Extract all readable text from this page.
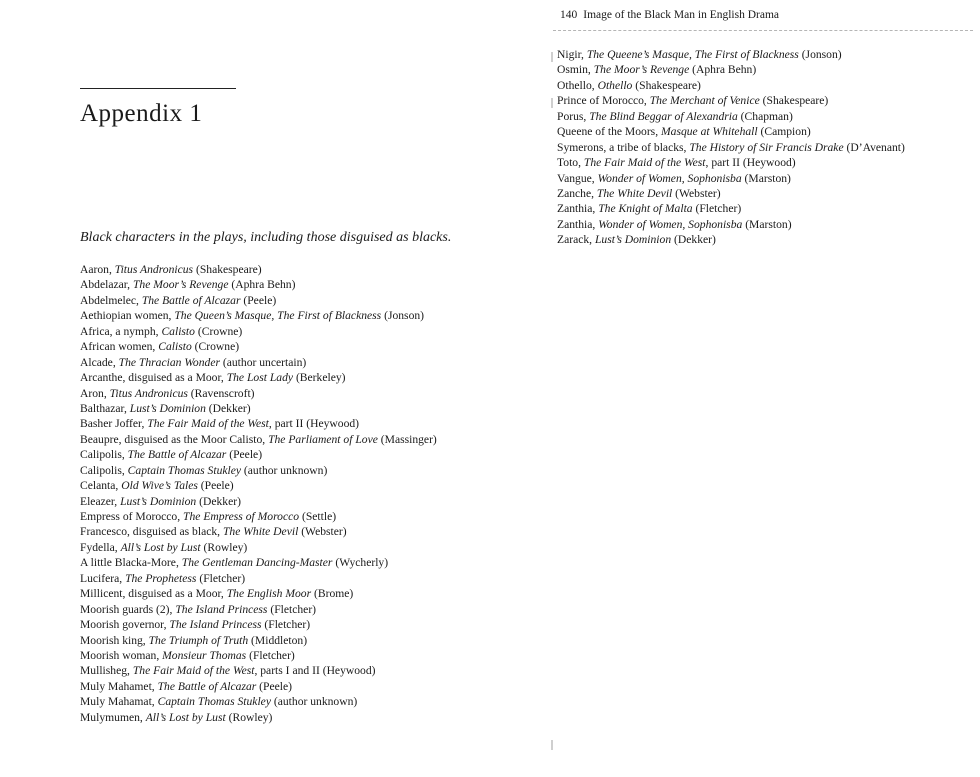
Appendix 1
Black characters in the plays, including those disguised as blacks.
Aaron, Titus Andronicus (Shakespeare)
Abdelazar, The Moor’s Revenge (Aphra Behn)
Abdelmelec, The Battle of Alcazar (Peele)
Aethiopian women, The Queen’s Masque, The First of Blackness (Jonson)
Africa, a nymph, Calisto (Crowne)
African women, Calisto (Crowne)
Alcade, The Thracian Wonder (author uncertain)
Arcanthe, disguised as a Moor, The Lost Lady (Berkeley)
Aron, Titus Andronicus (Ravenscroft)
Balthazar, Lust’s Dominion (Dekker)
Basher Joffer, The Fair Maid of the West, part II (Heywood)
Beaupre, disguised as the Moor Calisto, The Parliament of Love (Massinger)
Calipolis, The Battle of Alcazar (Peele)
Calipolis, Captain Thomas Stukley (author unknown)
Celanta, Old Wive’s Tales (Peele)
Eleazer, Lust’s Dominion (Dekker)
Empress of Morocco, The Empress of Morocco (Settle)
Francesco, disguised as black, The White Devil (Webster)
Fydella, All’s Lost by Lust (Rowley)
A little Blacka-More, The Gentleman Dancing-Master (Wycherly)
Lucifera, The Prophetess (Fletcher)
Millicent, disguised as a Moor, The English Moor (Brome)
Moorish guards (2), The Island Princess (Fletcher)
Moorish governor, The Island Princess (Fletcher)
Moorish king, The Triumph of Truth (Middleton)
Moorish woman, Monsieur Thomas (Fletcher)
Mullisheg, The Fair Maid of the West, parts I and II (Heywood)
Muly Mahamet, The Battle of Alcazar (Peele)
Muly Mahamat, Captain Thomas Stukley (author unknown)
Mulymumen, All’s Lost by Lust (Rowley)
140 Image of the Black Man in English Drama
Nigir, The Queene’s Masque, The First of Blackness (Jonson)
Osmin, The Moor’s Revenge (Aphra Behn)
Othello, Othello (Shakespeare)
Prince of Morocco, The Merchant of Venice (Shakespeare)
Porus, The Blind Beggar of Alexandria (Chapman)
Queene of the Moors, Masque at Whitehall (Campion)
Symerons, a tribe of blacks, The History of Sir Francis Drake (D’Avenant)
Toto, The Fair Maid of the West, part II (Heywood)
Vangue, Wonder of Women, Sophonisba (Marston)
Zanche, The White Devil (Webster)
Zanthia, The Knight of Malta (Fletcher)
Zanthia, Wonder of Women, Sophonisba (Marston)
Zarack, Lust’s Dominion (Dekker)
